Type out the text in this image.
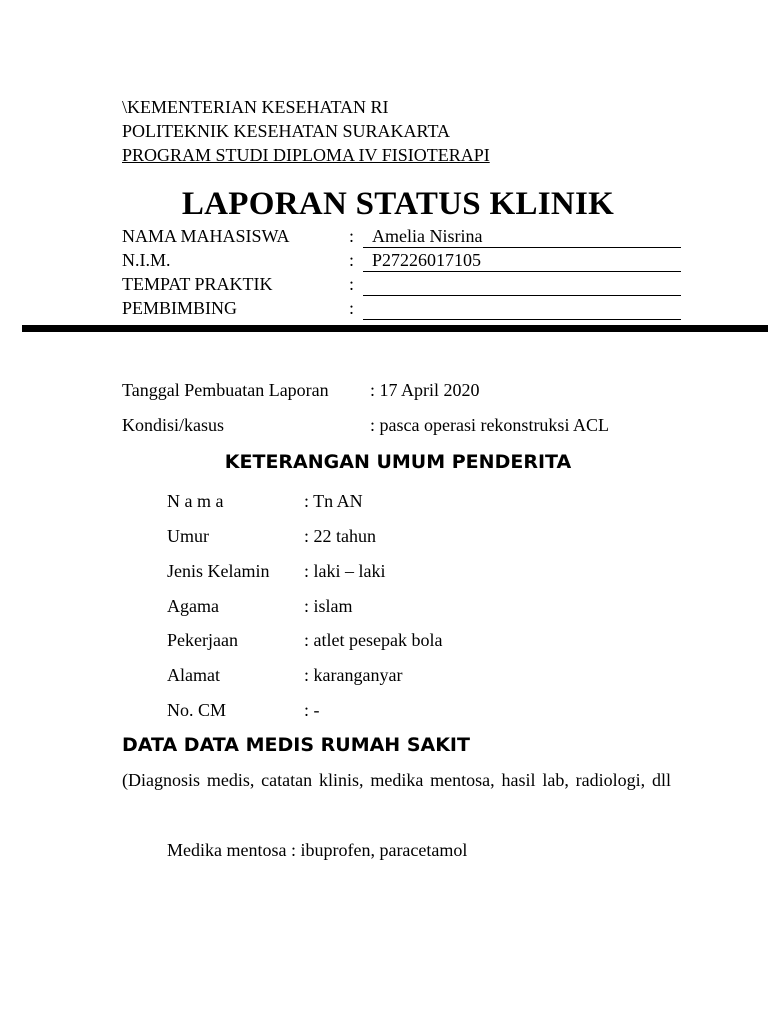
\KEMENTERIAN KESEHATAN RI
POLITEKNIK KESEHATAN SURAKARTA
PROGRAM STUDI DIPLOMA IV FISIOTERAPI
LAPORAN STATUS KLINIK
NAMA MAHASISWA	: Amelia Nisrina
N.I.M.	: P27226017105
TEMPAT PRAKTIK	:
PEMBIMBING	:
Tanggal Pembuatan Laporan : 17 April 2020
Kondisi/kasus	: pasca operasi rekonstruksi ACL
KETERANGAN UMUM PENDERITA
N a m a	: Tn AN
Umur	: 22 tahun
Jenis Kelamin : laki – laki
Agama	: islam
Pekerjaan	: atlet pesepak bola
Alamat	: karanganyar
No. CM	: -
DATA DATA MEDIS RUMAH SAKIT
(Diagnosis medis, catatan klinis, medika mentosa, hasil lab, radiologi, dll
Medika mentosa : ibuprofen, paracetamol
